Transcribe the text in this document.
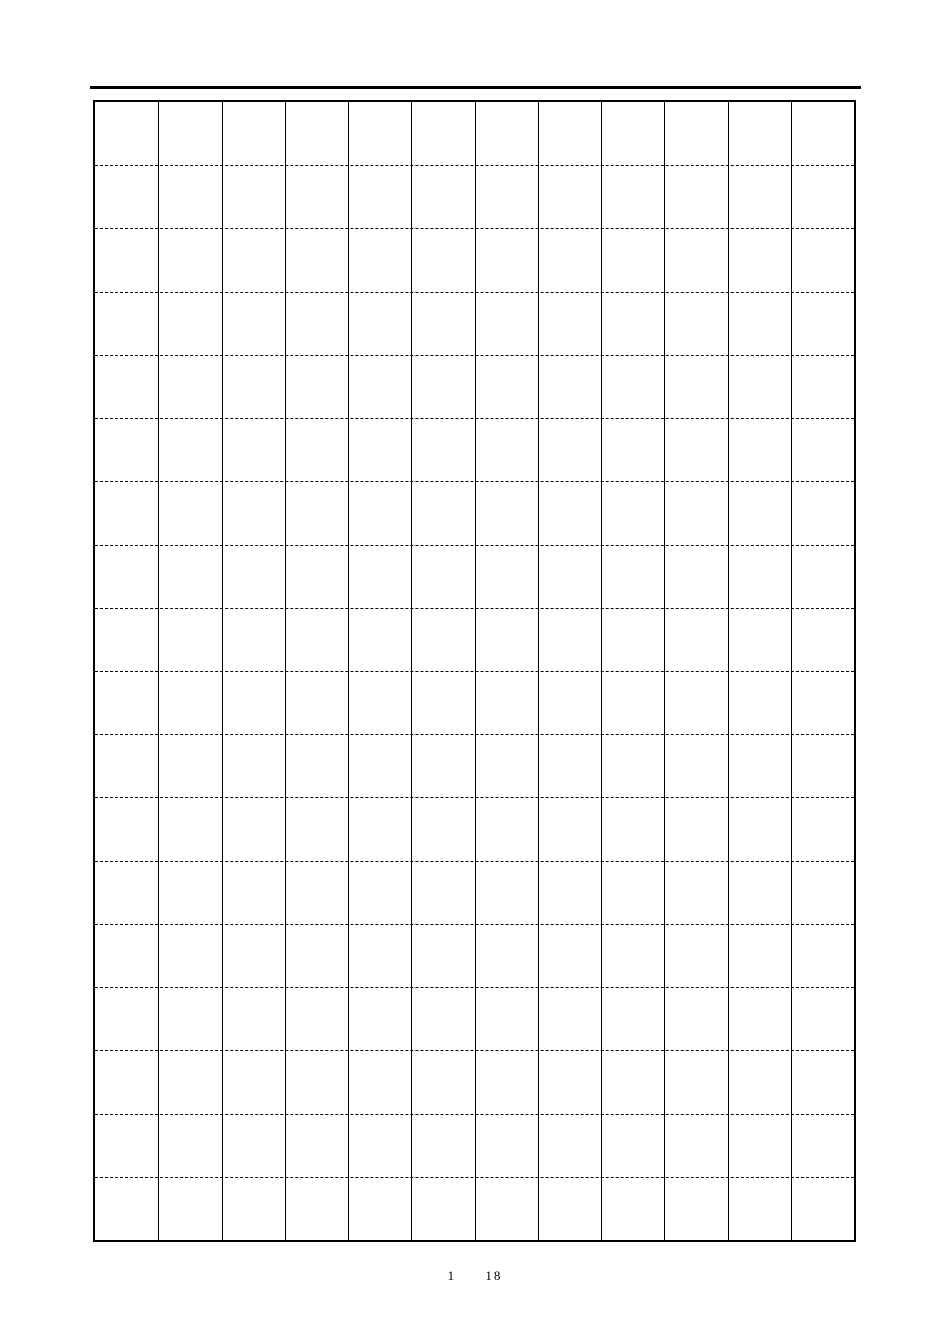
1 18
